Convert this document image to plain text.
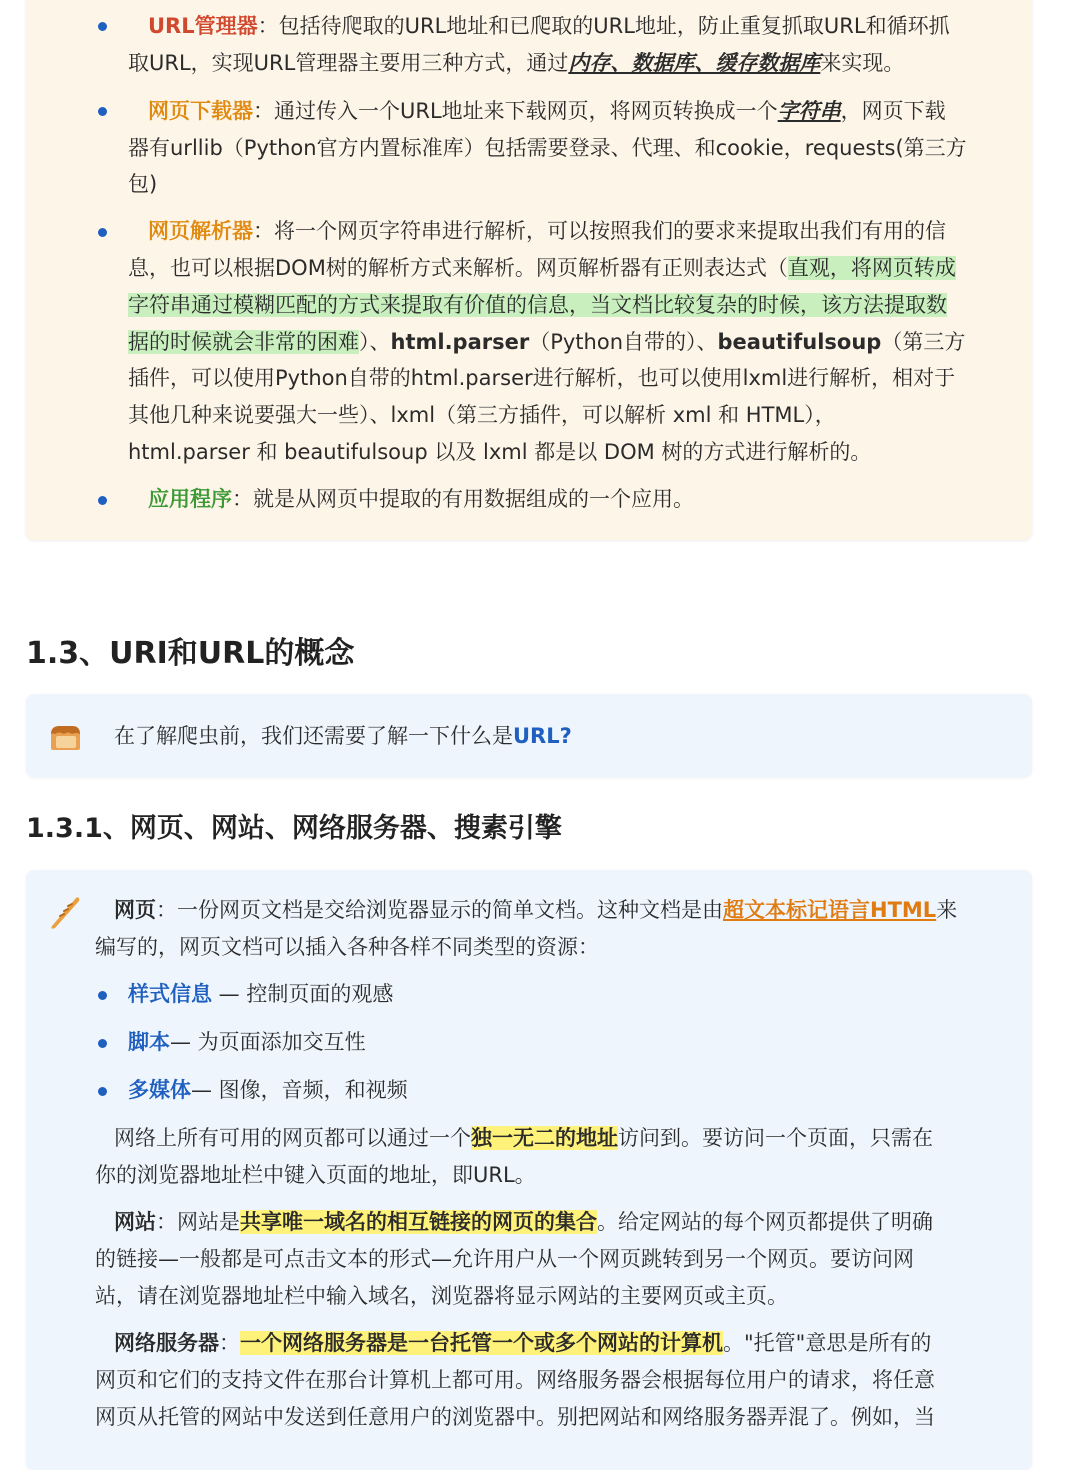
URL管理器：包括待爬取的URL地址和已爬取的URL地址，防止重复抓取URL和循环抓
取URL，实现URL管理器主要用三种方式，通过内存、数据库、缓存数据库来实现。
网页下载器：通过传入一个URL地址来下载网页，将网页转换成一个字符串，网页下载
器有urllib（Python官方内置标准库）包括需要登录、代理、和cookie，requests(第三方
包)
网页解析器：将一个网页字符串进行解析，可以按照我们的要求来提取出我们有用的信
息，也可以根据DOM树的解析方式来解析。网页解析器有正则表达式（直观，将网页转成
字符串通过模糊匹配的方式来提取有价值的信息，当文档比较复杂的时候，该方法提取数
据的时候就会非常的困难）、html.parser（Python自带的）、beautifulsoup（第三方
插件，可以使用Python自带的html.parser进行解析，也可以使用lxml进行解析，相对于
其他几种来说要强大一些）、lxml（第三方插件，可以解析 xml 和 HTML），
html.parser 和 beautifulsoup 以及 lxml 都是以 DOM 树的方式进行解析的。
应用程序：就是从网页中提取的有用数据组成的一个应用。
1.3、URI和URL的概念
在了解爬虫前，我们还需要了解一下什么是URL?
1.3.1、网页、网站、网络服务器、搜素引擎
网页：一份网页文档是交给浏览器显示的简单文档。这种文档是由超文本标记语言HTML来
编写的，网页文档可以插入各种各样不同类型的资源：
样式信息 — 控制页面的观感
脚本— 为页面添加交互性
多媒体— 图像，音频，和视频
网络上所有可用的网页都可以通过一个独一无二的地址访问到。要访问一个页面，只需在
你的浏览器地址栏中键入页面的地址，即URL。
网站：网站是共享唯一域名的相互链接的网页的集合。给定网站的每个网页都提供了明确
的链接—一般都是可点击文本的形式—允许用户从一个网页跳转到另一个网页。要访问网
站，请在浏览器地址栏中输入域名，浏览器将显示网站的主要网页或主页。
网络服务器：一个网络服务器是一台托管一个或多个网站的计算机。"托管"意思是所有的
网页和它们的支持文件在那台计算机上都可用。网络服务器会根据每位用户的请求，将任意
网页从托管的网站中发送到任意用户的浏览器中。别把网站和网络服务器弄混了。例如，当
